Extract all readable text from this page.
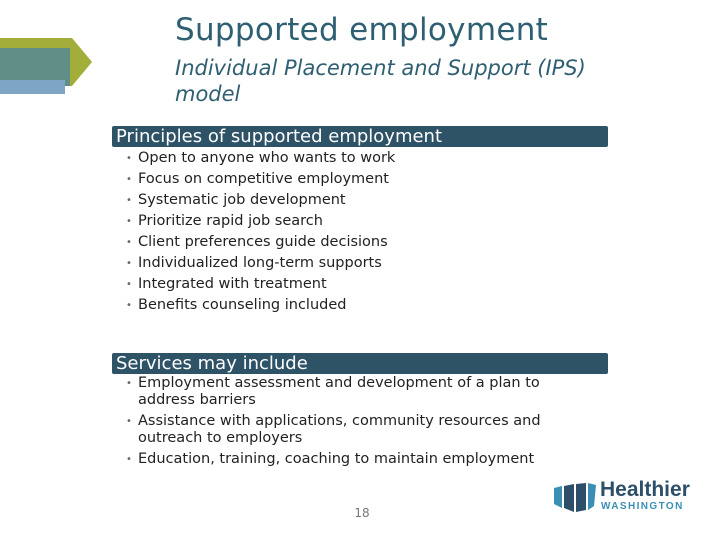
Supported employment
Individual Placement and Support (IPS) model
Principles of supported employment
• Open to anyone who wants to work
• Focus on competitive employment
• Systematic job development
• Prioritize rapid job search
• Client preferences guide decisions
• Individualized long-term supports
• Integrated with treatment
• Benefits counseling included
Services may include
• Employment assessment and development of a plan to address barriers
• Assistance with applications, community resources and outreach to employers
• Education, training, coaching to maintain employment
18
Healthier
WASHINGTON
